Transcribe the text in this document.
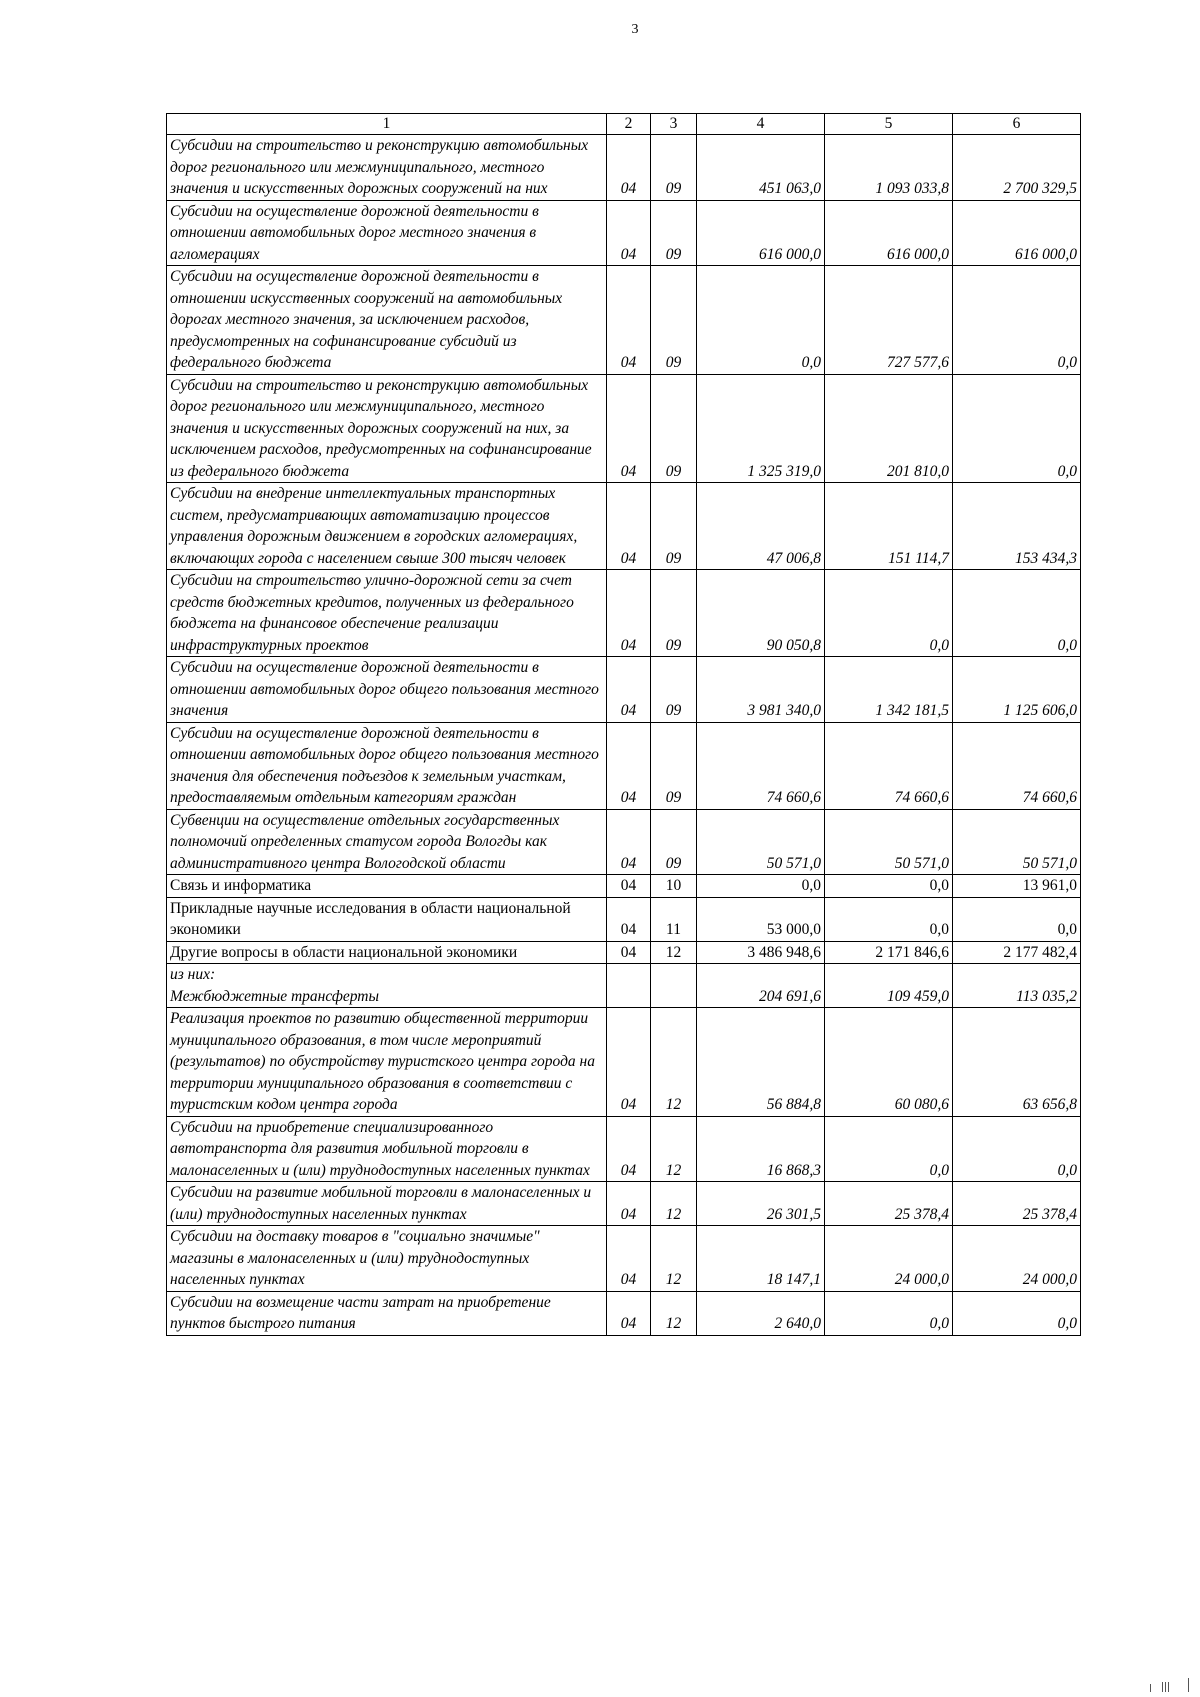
3
1	2	3	4	5	6
Субсидии на строительство и реконструкцию автомобильных дорог регионального или межмуниципального, местного значения и искусственных дорожных сооружений на них	04	09	451 063,0	1 093 033,8	2 700 329,5
Субсидии на осуществление дорожной деятельности в отношении автомобильных дорог местного значения в агломерациях	04	09	616 000,0	616 000,0	616 000,0
Субсидии на осуществление дорожной деятельности в отношении искусственных сооружений на автомобильных дорогах местного значения, за исключением расходов, предусмотренных на софинансирование субсидий из федерального бюджета	04	09	0,0	727 577,6	0,0
Субсидии на строительство и реконструкцию автомобильных дорог регионального или межмуниципального, местного значения и искусственных дорожных сооружений на них, за исключением расходов, предусмотренных на софинансирование из федерального бюджета	04	09	1 325 319,0	201 810,0	0,0
Субсидии на внедрение интеллектуальных транспортных систем, предусматривающих автоматизацию процессов управления дорожным движением в городских агломерациях, включающих города с населением свыше 300 тысяч человек	04	09	47 006,8	151 114,7	153 434,3
Субсидии на строительство улично-дорожной сети за счет средств бюджетных кредитов, полученных из федерального бюджета на финансовое обеспечение реализации инфраструктурных проектов	04	09	90 050,8	0,0	0,0
Субсидии на осуществление дорожной деятельности в отношении автомобильных дорог общего пользования местного значения	04	09	3 981 340,0	1 342 181,5	1 125 606,0
Субсидии на осуществление дорожной деятельности в отношении автомобильных дорог общего пользования местного значения для обеспечения подъездов к земельным участкам, предоставляемым отдельным категориям граждан	04	09	74 660,6	74 660,6	74 660,6
Субвенции на осуществление отдельных государственных полномочий определенных статусом города Вологды как административного центра Вологодской области	04	09	50 571,0	50 571,0	50 571,0
Связь и информатика	04	10	0,0	0,0	13 961,0
Прикладные научные исследования в области национальной экономики	04	11	53 000,0	0,0	0,0
Другие вопросы в области национальной экономики	04	12	3 486 948,6	2 171 846,6	2 177 482,4
из них:
Межбюджетные трансферты			204 691,6	109 459,0	113 035,2
Реализация проектов по развитию общественной территории муниципального образования, в том числе мероприятий (результатов) по обустройству туристского центра города на территории муниципального образования в соответствии с туристским кодом центра города	04	12	56 884,8	60 080,6	63 656,8
Субсидии на приобретение специализированного автотранспорта для развития мобильной торговли в малонаселенных и (или) труднодоступных населенных пунктах	04	12	16 868,3	0,0	0,0
Субсидии на развитие мобильной торговли в малонаселенных и (или) труднодоступных населенных пунктах	04	12	26 301,5	25 378,4	25 378,4
Субсидии на доставку товаров в "социально значимые" магазины в малонаселенных и (или) труднодоступных населенных пунктах	04	12	18 147,1	24 000,0	24 000,0
Субсидии на возмещение части затрат на приобретение пунктов быстрого питания	04	12	2 640,0	0,0	0,0
